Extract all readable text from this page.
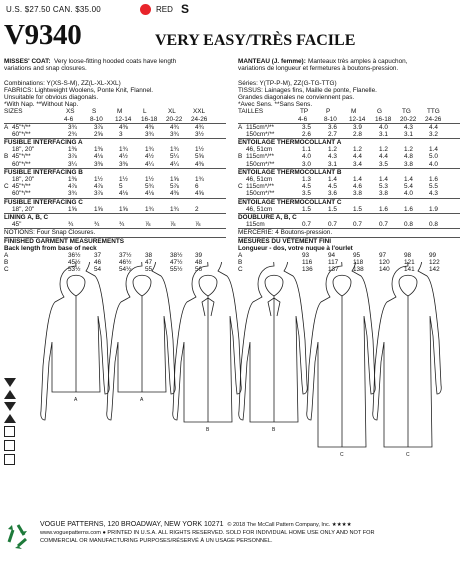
U.S. $27.50 CAN. $35.00	RED S
V9340	VERY EASY/TRÈS FACILE
MISSES' COAT: Very loose-fitting hooded coats have length
variations and snap closures.
Combinations: Y(XS-S-M), ZZ(L-XL-XXL)
FABRICS: Lightweight Woolens, Ponte Knit, Flannel.
Unsuitable for obvious diagonals.
*With Nap. **Without Nap.
SIZES	XS	S	M	L	XL	XXL
4-6	8-10 12-14 16-18 20-22 24-26
A 45"*/**	3¾	3⅞	4⅜	4⅜	4¾	4¾
60"*/**	2¾	2⅝	3	3¾	3¾	3½
FUSIBLE INTERFACING A
18", 20"	1⅜	1⅜	1¾	1¾	1¾	1½
B 45"*/**	3⅞	4⅛	4½	4½	5¼	5⅝
60"*/**	3¼	3⅜	3⅜	4¼	4¼	4⅜
FUSIBLE INTERFACING B
18", 20"	1⅜	1½	1½	1½	1⅝	1¾
C 45"*/**	4⅞	4⅞	5	5¾	5⅞	6
60"*/**	3¾	3⅞	4⅛	4⅛	4⅜	4⅝
FUSIBLE INTERFACING C
18", 20"	1⅝	1⅝	1⅝	1¾	1¾	2
LINING A, B, C
45"	¾	¾	¾	⅞	⅞	⅞
NOTIONS: Four Snap Closures.
FINISHED GARMENT MEASUREMENTS
Back length from base of neck
A	36½ 37	37½ 38	38½ 39
B	45½ 46	46½ 47	47½ 48
C	53½ 54	54½ 55	55½ 56
MANTEAU (J. femme): Manteaux très amples à capuchon,
variations de longueur et fermetures à boutons-pression.
Séries: Y(TP-P-M), ZZ(G-TG-TTG)
TISSUS: Lainages fins, Maille de ponte, Flanelle.
Grandes diagonales ne conviennent pas.
*Avec Sens. **Sans Sens.
TAILLES	TP	P	M	G	TG	TTG
4-6	8-10 12-14 16-18 20-22 24-26
A 115cm*/**	3.5	3.6	3.9	4.0	4.3	4.4
150cm*/**	2.6	2.7	2.8	3.1	3.1	3.2
ENTOILAGE THERMOCOLLANT A
46, 51cm	1.1	1.2	1.2	1.2	1.2	1.4
B 115cm*/**	4.0	4.3	4.4	4.4	4.8	5.0
150cm*/**	3.0	3.1	3.4	3.5	3.8	4.0
ENTOILAGE THERMOCOLLANT B
46, 51cm	1.3	1.4	1.4	1.4	1.4	1.6
C 115cm*/**	4.5	4.5	4.6	5.3	5.4	5.5
150cm*/**	3.5	3.6	3.8	3.8	4.0	4.3
ENTOILAGE THERMOCOLLANT C
46, 51cm	1.5	1.5	1.5	1.6	1.6	1.9
DOUBLURE A, B, C
115cm	0.7	0.7	0.7	0.7	0.8	0.8
MERCERIE: 4 Boutons-pression.
MESURES DU VÊTEMENT FINI
Longueur - dos, votre nuque à l'ourlet
A	93	94	95	97	98	99
B	116 117 118 120 121 122
C	136 137 138 140 141 142
A	A
B	B
C	C
VOGUE PATTERNS, 120 BROADWAY, NEW YORK 10271 © 2018 The McCall Pattern Company, Inc. ★★★★
www.voguepatterns.com ● PRINTED IN U.S.A. ALL RIGHTS RESERVED. SOLD FOR INDIVIDUAL HOME USE ONLY AND NOT FOR
COMMERCIAL OR MANUFACTURING PURPOSES/RÉSERVÉ À UN USAGE PERSONNEL.
